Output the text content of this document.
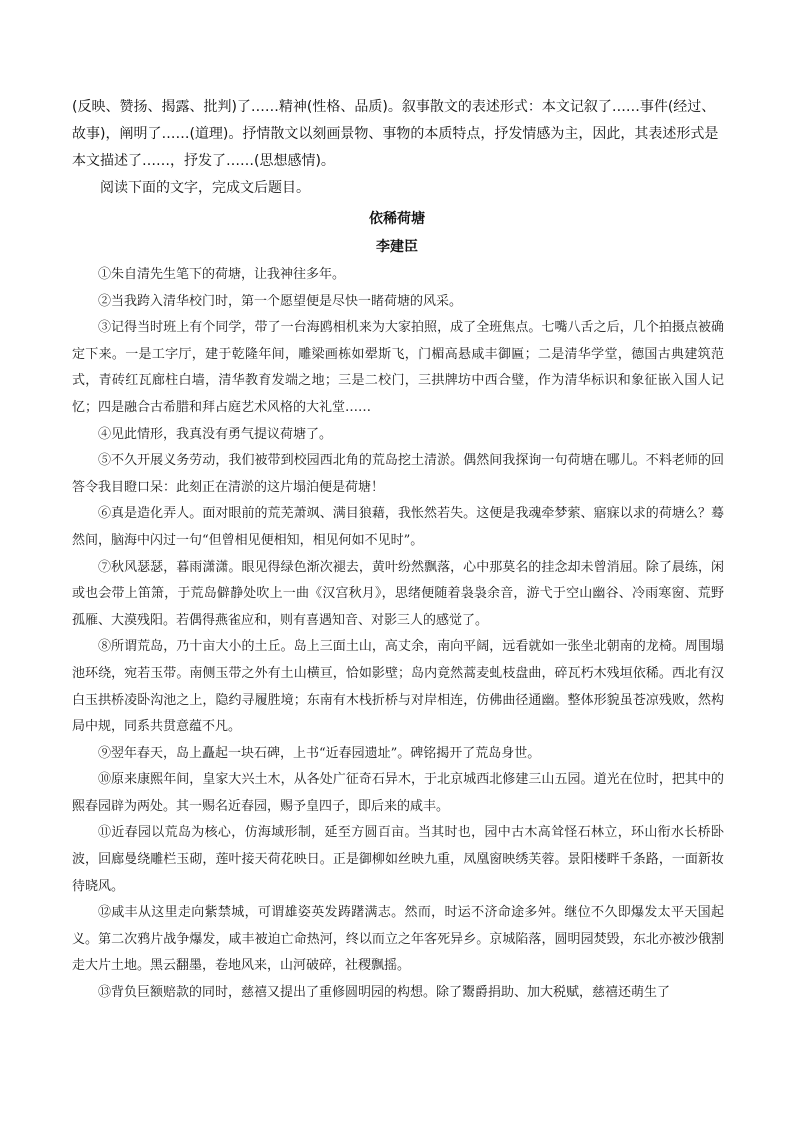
(反映、赞扬、揭露、批判)了……精神(性格、品质)。叙事散文的表述形式：本文记叙了……事件(经过、故事)，阐明了……(道理)。抒情散文以刻画景物、事物的本质特点，抒发情感为主，因此，其表述形式是本文描述了……，抒发了……(思想感情)。

阅读下面的文字，完成文后题目。

依稀荷塘
李建臣

①朱自清先生笔下的荷塘，让我神往多年。

②当我跨入清华校门时，第一个愿望便是尽快一睹荷塘的风采。

③记得当时班上有个同学，带了一台海鸥相机来为大家拍照，成了全班焦点。七嘴八舌之后，几个拍摄点被确定下来。一是工字厅，建于乾隆年间，雕梁画栋如翚斯飞，门楣高悬咸丰御匾；二是清华学堂，德国古典建筑范式，青砖红瓦廊柱白墙，清华教育发端之地；三是二校门，三拱牌坊中西合璧，作为清华标识和象征嵌入国人记忆；四是融合古希腊和拜占庭艺术风格的大礼堂……

④见此情形，我真没有勇气提议荷塘了。

⑤不久开展义务劳动，我们被带到校园西北角的荒岛挖土清淤。偶然间我探询一句荷塘在哪儿。不料老师的回答令我目瞪口呆：此刻正在清淤的这片塌泊便是荷塘！

⑥真是造化弄人。面对眼前的荒芜萧飒、满目狼藉，我怅然若失。这便是我魂牵梦萦、寤寐以求的荷塘么？蓦然间，脑海中闪过一句“但曾相见便相知，相见何如不见时”。

⑦秋风瑟瑟，暮雨潇潇。眼见得绿色渐次褪去，黄叶纷然飘落，心中那莫名的挂念却未曾消屈。除了晨练，闲或也会带上笛箫，于荒岛僻静处吹上一曲《汉宫秋月》，思绪便随着袅袅余音，游弋于空山幽谷、冷雨寒窗、荒野孤雁、大漠残阳。若偶得燕雀应和，则有喜遇知音、对影三人的感觉了。

⑧所谓荒岛，乃十亩大小的土丘。岛上三面土山，高丈余，南向平阔，远看就如一张坐北朝南的龙椅。周围塌池环绕，宛若玉带。南侧玉带之外有土山横亘，恰如影壁；岛内竟然蒿麦虬枝盘曲，碎瓦朽木残垣依稀。西北有汉白玉拱桥凌卧沟池之上，隐约寻履胜境；东南有木栈折桥与对岸相连，仿佛曲径通幽。整体形貌虽苍凉残败，然构局中规，同系共贯意蕴不凡。

⑨翌年春天，岛上矗起一块石碑，上书“近春园遗址”。碑铭揭开了荒岛身世。

⑩原来康熙年间，皇家大兴土木，从各处广征奇石异木，于北京城西北修建三山五园。道光在位时，把其中的熙春园辟为两处。其一赐名近春园，赐予皇四子，即后来的咸丰。

⑪近春园以荒岛为核心，仿海域形制，延至方圆百亩。当其时也，园中古木高耸怪石林立，环山衔水长桥卧波，回廊曼绕雕栏玉砌，莲叶接天荷花映日。正是御柳如丝映九重，凤凰窗映绣芙蓉。景阳楼畔千条路，一面新妆待晓风。

⑫咸丰从这里走向紫禁城，可谓雄姿英发踌躇满志。然而，时运不济命途多舛。继位不久即爆发太平天国起义。第二次鸦片战争爆发，咸丰被迫亡命热河，终以而立之年客死异乡。京城陷落，圆明园焚毁，东北亦被沙俄割走大片土地。黑云翻墨，卷地风来，山河破碎，社稷飘摇。

⑬背负巨额赔款的同时，慈禧又提出了重修圆明园的构想。除了鬻爵捐助、加大税赋，慈禧还萌生了
